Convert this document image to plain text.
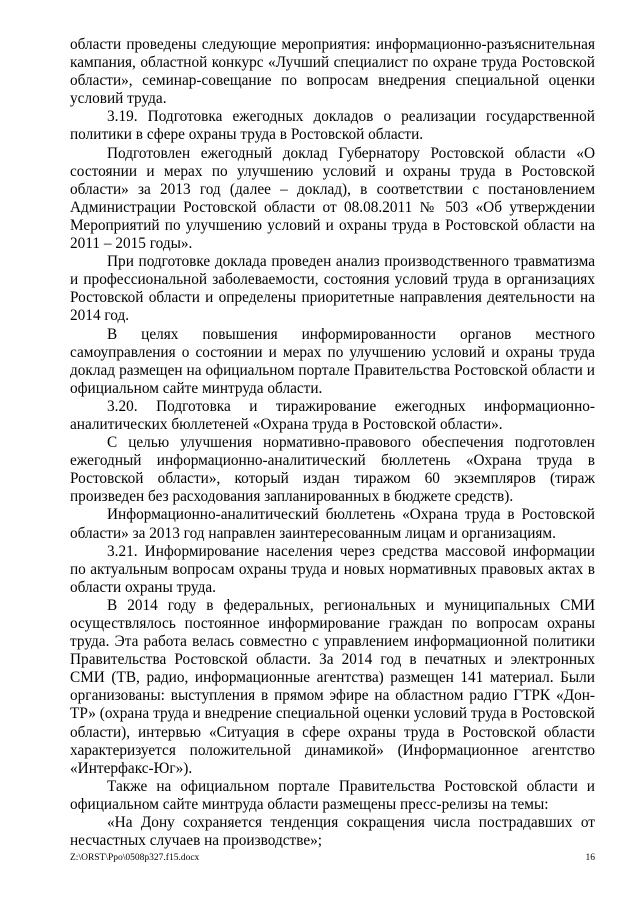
области проведены следующие мероприятия: информационно-разъяснительная кампания, областной конкурс «Лучший специалист по охране труда Ростовской области», семинар-совещание по вопросам внедрения специальной оценки условий труда.

3.19. Подготовка ежегодных докладов о реализации государственной политики в сфере охраны труда в Ростовской области.

Подготовлен ежегодный доклад Губернатору Ростовской области «О состоянии и мерах по улучшению условий и охраны труда в Ростовской области» за 2013 год (далее – доклад), в соответствии с постановлением Администрации Ростовской области от 08.08.2011 № 503 «Об утверждении Мероприятий по улучшению условий и охраны труда в Ростовской области на 2011 – 2015 годы».

При подготовке доклада проведен анализ производственного травматизма и профессиональной заболеваемости, состояния условий труда в организациях Ростовской области и определены приоритетные направления деятельности на 2014 год.

В целях повышения информированности органов местного самоуправления о состоянии и мерах по улучшению условий и охраны труда доклад размещен на официальном портале Правительства Ростовской области и официальном сайте минтруда области.

3.20. Подготовка и тиражирование ежегодных информационно-аналитических бюллетеней «Охрана труда в Ростовской области».

С целью улучшения нормативно-правового обеспечения подготовлен ежегодный информационно-аналитический бюллетень «Охрана труда в Ростовской области», который издан тиражом 60 экземпляров (тираж произведен без расходования запланированных в бюджете средств).

Информационно-аналитический бюллетень «Охрана труда в Ростовской области» за 2013 год направлен заинтересованным лицам и организациям.

3.21. Информирование населения через средства массовой информации по актуальным вопросам охраны труда и новых нормативных правовых актах в области охраны труда.

В 2014 году в федеральных, региональных и муниципальных СМИ осуществлялось постоянное информирование граждан по вопросам охраны труда. Эта работа велась совместно с управлением информационной политики Правительства Ростовской области. За 2014 год в печатных и электронных СМИ (ТВ, радио, информационные агентства) размещен 141 материал. Были организованы: выступления в прямом эфире на областном радио ГТРК «Дон-ТР» (охрана труда и внедрение специальной оценки условий труда в Ростовской области), интервью «Ситуация в сфере охраны труда в Ростовской области характеризуется положительной динамикой» (Информационное агентство «Интерфакс-Юг»).

Также на официальном портале Правительства Ростовской области и официальном сайте минтруда области размещены пресс-релизы на темы:

«На Дону сохраняется тенденция сокращения числа пострадавших от несчастных случаев на производстве»;

Z:\ORST\Ppo\0508p327.f15.docx	16
